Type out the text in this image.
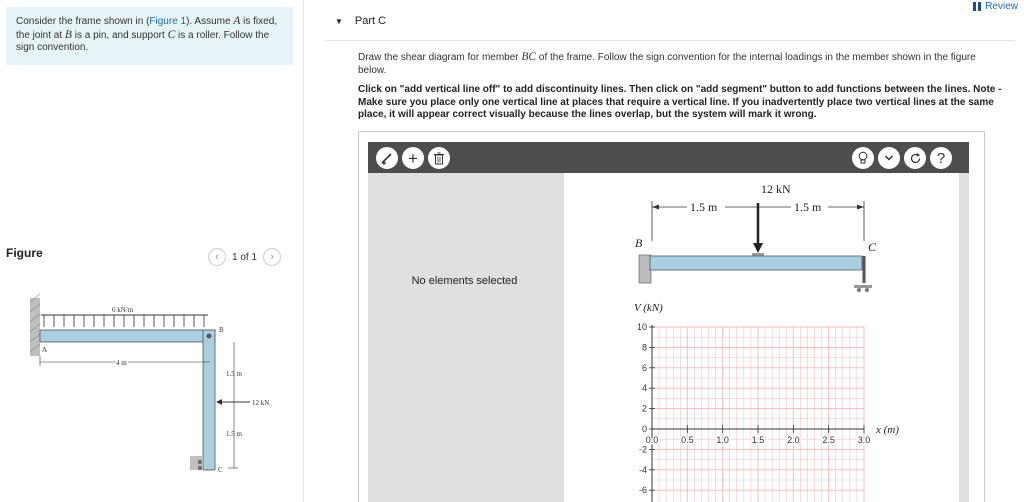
Consider the frame shown in (Figure 1). Assume A is fixed, the joint at B is a pin, and support C is a roller. Follow the sign convention.
Figure	‹	1 of 1	›
6 kN/m
A
B
4 m
1.5 m
1.5 m
12 kN
C
Review
▼ Part C
Draw the shear diagram for member BC of the frame. Follow the sign convention for the internal loadings in the member shown in the figure below.
Click on "add vertical line off" to add discontinuity lines. Then click on "add segment" button to add functions between the lines. Note - Make sure you place only one vertical line at places that require a vertical line. If you inadvertently place two vertical lines at the same place, it will appear correct visually because the lines overlap, but the system will mark it wrong.
+	?
No elements selected
12 kN
1.5 m	1.5 m
B	C
V (kN)
x (m)
10
8
6
4
2
0
-2
-4
-6
0.0	0.5	1.0	1.5	2.0	2.5	3.0
